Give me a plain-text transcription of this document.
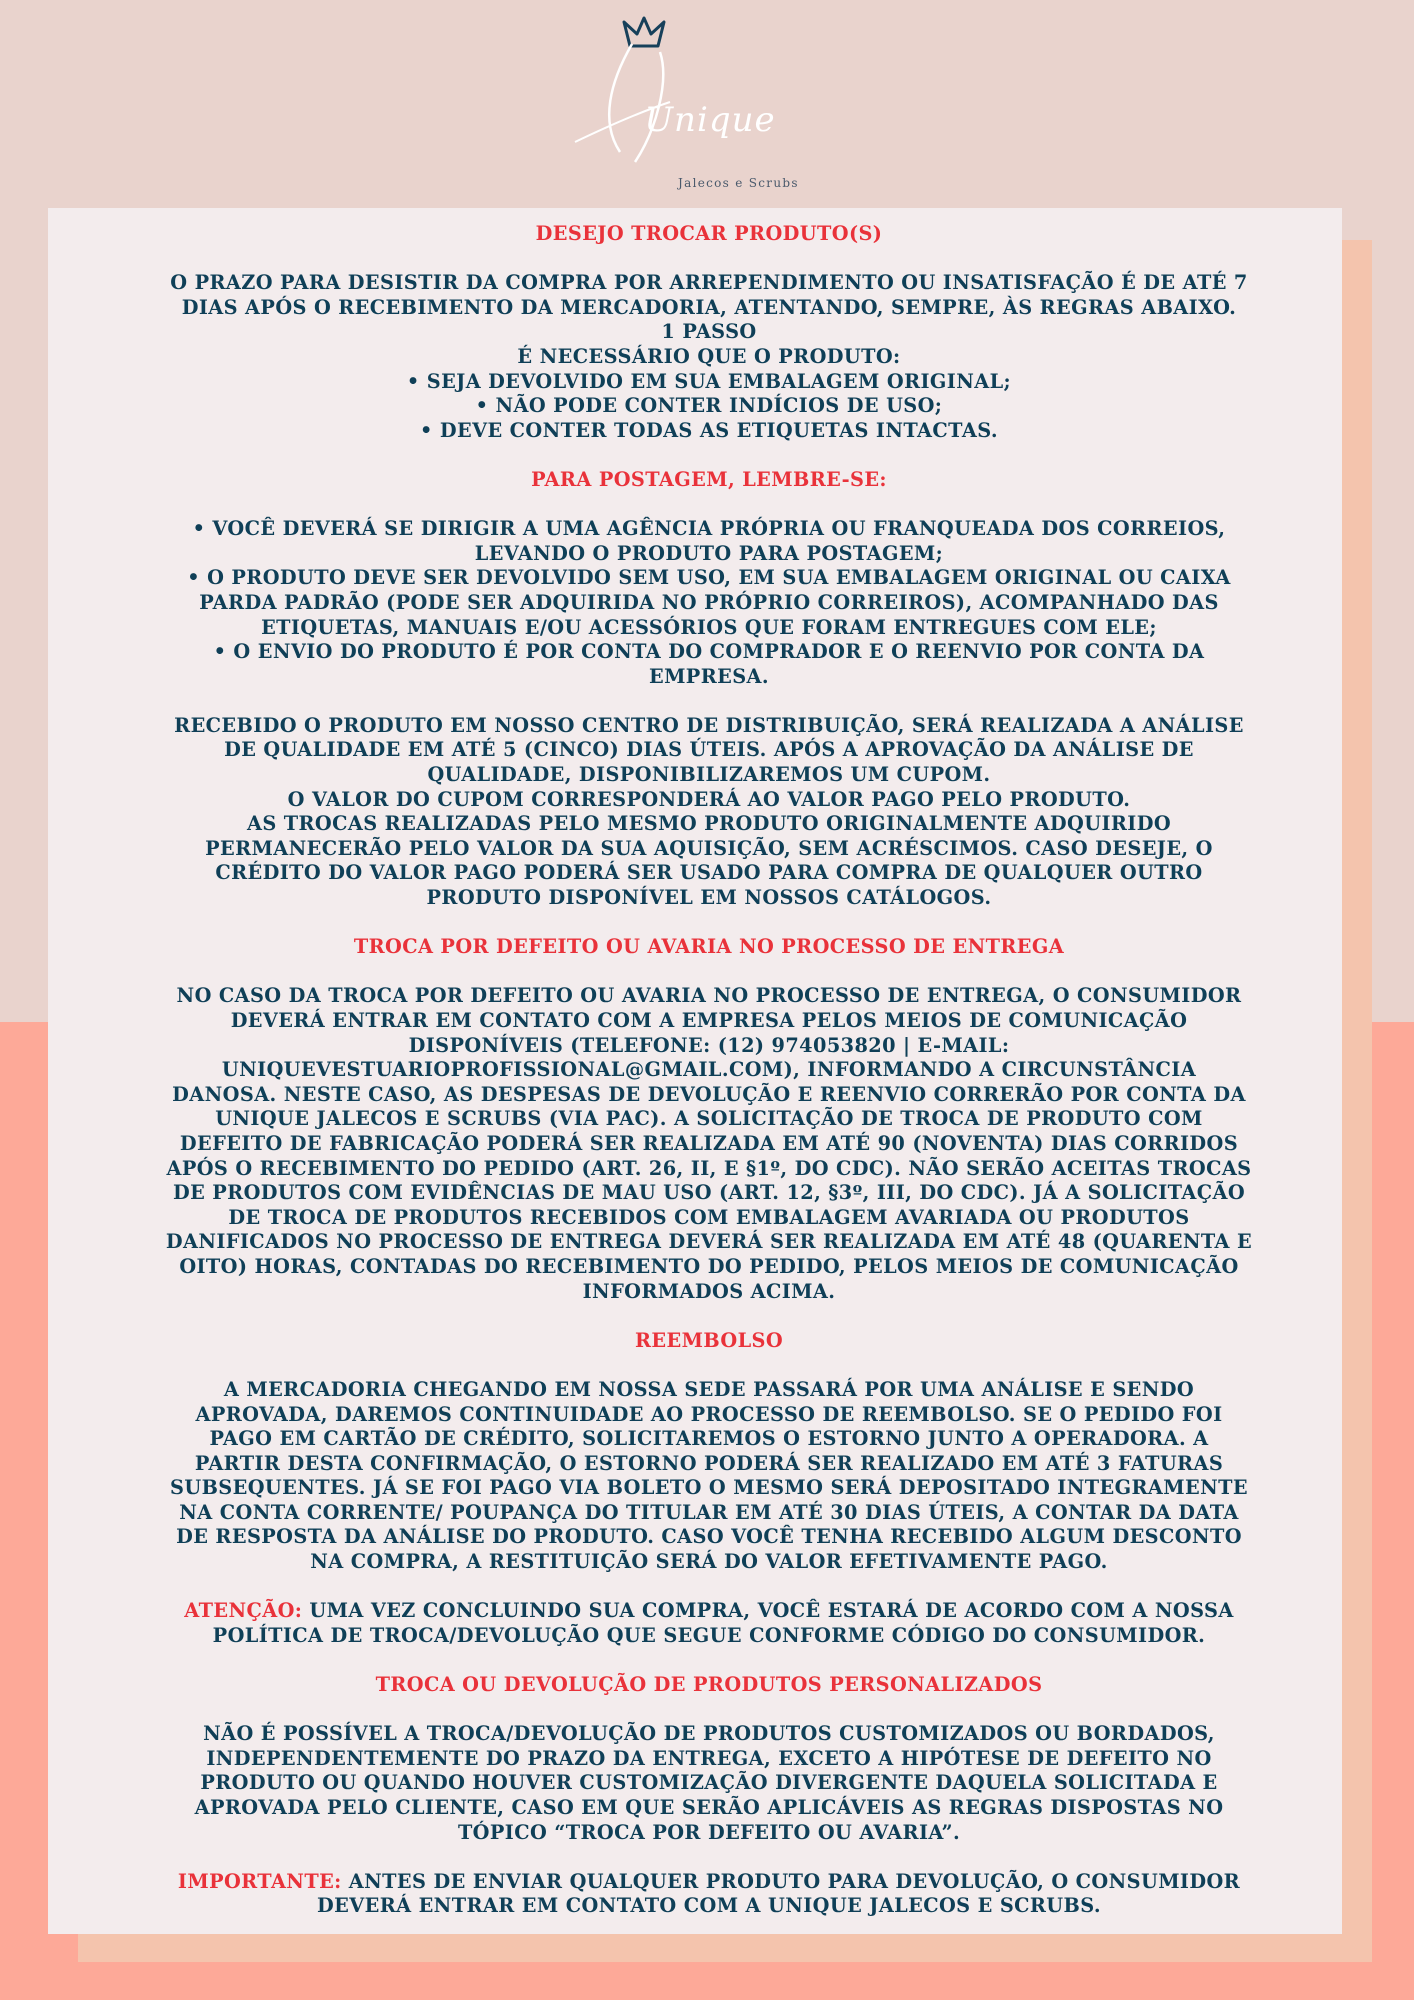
Unique
Jalecos e Scrubs

DESEJO TROCAR PRODUTO(S)

O PRAZO PARA DESISTIR DA COMPRA POR ARREPENDIMENTO OU INSATISFAÇÃO É DE ATÉ 7

DIAS APÓS O RECEBIMENTO DA MERCADORIA, ATENTANDO, SEMPRE, ÀS REGRAS ABAIXO.

1 PASSO

É NECESSÁRIO QUE O PRODUTO:

• SEJA DEVOLVIDO EM SUA EMBALAGEM ORIGINAL;

• NÃO PODE CONTER INDÍCIOS DE USO;

• DEVE CONTER TODAS AS ETIQUETAS INTACTAS.

PARA POSTAGEM, LEMBRE-SE:

• VOCÊ DEVERÁ SE DIRIGIR A UMA AGÊNCIA PRÓPRIA OU FRANQUEADA DOS CORREIOS,

LEVANDO O PRODUTO PARA POSTAGEM;

• O PRODUTO DEVE SER DEVOLVIDO SEM USO, EM SUA EMBALAGEM ORIGINAL OU CAIXA

PARDA PADRÃO (PODE SER ADQUIRIDA NO PRÓPRIO CORREIROS), ACOMPANHADO DAS

ETIQUETAS, MANUAIS E/OU ACESSÓRIOS QUE FORAM ENTREGUES COM ELE;

• O ENVIO DO PRODUTO É POR CONTA DO COMPRADOR E O REENVIO POR CONTA DA

EMPRESA.

RECEBIDO O PRODUTO EM NOSSO CENTRO DE DISTRIBUIÇÃO, SERÁ REALIZADA A ANÁLISE

DE QUALIDADE EM ATÉ 5 (CINCO) DIAS ÚTEIS. APÓS A APROVAÇÃO DA ANÁLISE DE

QUALIDADE, DISPONIBILIZAREMOS UM CUPOM.

O VALOR DO CUPOM CORRESPONDERÁ AO VALOR PAGO PELO PRODUTO.

AS TROCAS REALIZADAS PELO MESMO PRODUTO ORIGINALMENTE ADQUIRIDO

PERMANECERÃO PELO VALOR DA SUA AQUISIÇÃO, SEM ACRÉSCIMOS. CASO DESEJE, O

CRÉDITO DO VALOR PAGO PODERÁ SER USADO PARA COMPRA DE QUALQUER OUTRO

PRODUTO DISPONÍVEL EM NOSSOS CATÁLOGOS.

TROCA POR DEFEITO OU AVARIA NO PROCESSO DE ENTREGA

NO CASO DA TROCA POR DEFEITO OU AVARIA NO PROCESSO DE ENTREGA, O CONSUMIDOR

DEVERÁ ENTRAR EM CONTATO COM A EMPRESA PELOS MEIOS DE COMUNICAÇÃO

DISPONÍVEIS (TELEFONE: (12) 974053820 | E-MAIL:

UNIQUEVESTUARIOPROFISSIONAL@GMAIL.COM), INFORMANDO A CIRCUNSTÂNCIA

DANOSA. NESTE CASO, AS DESPESAS DE DEVOLUÇÃO E REENVIO CORRERÃO POR CONTA DA

UNIQUE JALECOS E SCRUBS (VIA PAC). A SOLICITAÇÃO DE TROCA DE PRODUTO COM

DEFEITO DE FABRICAÇÃO PODERÁ SER REALIZADA EM ATÉ 90 (NOVENTA) DIAS CORRIDOS

APÓS O RECEBIMENTO DO PEDIDO (ART. 26, II, E §1º, DO CDC). NÃO SERÃO ACEITAS TROCAS

DE PRODUTOS COM EVIDÊNCIAS DE MAU USO (ART. 12, §3º, III, DO CDC). JÁ A SOLICITAÇÃO

DE TROCA DE PRODUTOS RECEBIDOS COM EMBALAGEM AVARIADA OU PRODUTOS

DANIFICADOS NO PROCESSO DE ENTREGA DEVERÁ SER REALIZADA EM ATÉ 48 (QUARENTA E

OITO) HORAS, CONTADAS DO RECEBIMENTO DO PEDIDO, PELOS MEIOS DE COMUNICAÇÃO

INFORMADOS ACIMA.

REEMBOLSO

A MERCADORIA CHEGANDO EM NOSSA SEDE PASSARÁ POR UMA ANÁLISE E SENDO

APROVADA, DAREMOS CONTINUIDADE AO PROCESSO DE REEMBOLSO. SE O PEDIDO FOI

PAGO EM CARTÃO DE CRÉDITO, SOLICITAREMOS O ESTORNO JUNTO A OPERADORA. A

PARTIR DESTA CONFIRMAÇÃO, O ESTORNO PODERÁ SER REALIZADO EM ATÉ 3 FATURAS

SUBSEQUENTES. JÁ SE FOI PAGO VIA BOLETO O MESMO SERÁ DEPOSITADO INTEGRAMENTE

NA CONTA CORRENTE/ POUPANÇA DO TITULAR EM ATÉ 30 DIAS ÚTEIS, A CONTAR DA DATA

DE RESPOSTA DA ANÁLISE DO PRODUTO. CASO VOCÊ TENHA RECEBIDO ALGUM DESCONTO

NA COMPRA, A RESTITUIÇÃO SERÁ DO VALOR EFETIVAMENTE PAGO.

ATENÇÃO: UMA VEZ CONCLUINDO SUA COMPRA, VOCÊ ESTARÁ DE ACORDO COM A NOSSA

POLÍTICA DE TROCA/DEVOLUÇÃO QUE SEGUE CONFORME CÓDIGO DO CONSUMIDOR.

TROCA OU DEVOLUÇÃO DE PRODUTOS PERSONALIZADOS

NÃO É POSSÍVEL A TROCA/DEVOLUÇÃO DE PRODUTOS CUSTOMIZADOS OU BORDADOS,

INDEPENDENTEMENTE DO PRAZO DA ENTREGA, EXCETO A HIPÓTESE DE DEFEITO NO

PRODUTO OU QUANDO HOUVER CUSTOMIZAÇÃO DIVERGENTE DAQUELA SOLICITADA E

APROVADA PELO CLIENTE, CASO EM QUE SERÃO APLICÁVEIS AS REGRAS DISPOSTAS NO

TÓPICO “TROCA POR DEFEITO OU AVARIA”.

IMPORTANTE: ANTES DE ENVIAR QUALQUER PRODUTO PARA DEVOLUÇÃO, O CONSUMIDOR

DEVERÁ ENTRAR EM CONTATO COM A UNIQUE JALECOS E SCRUBS.
